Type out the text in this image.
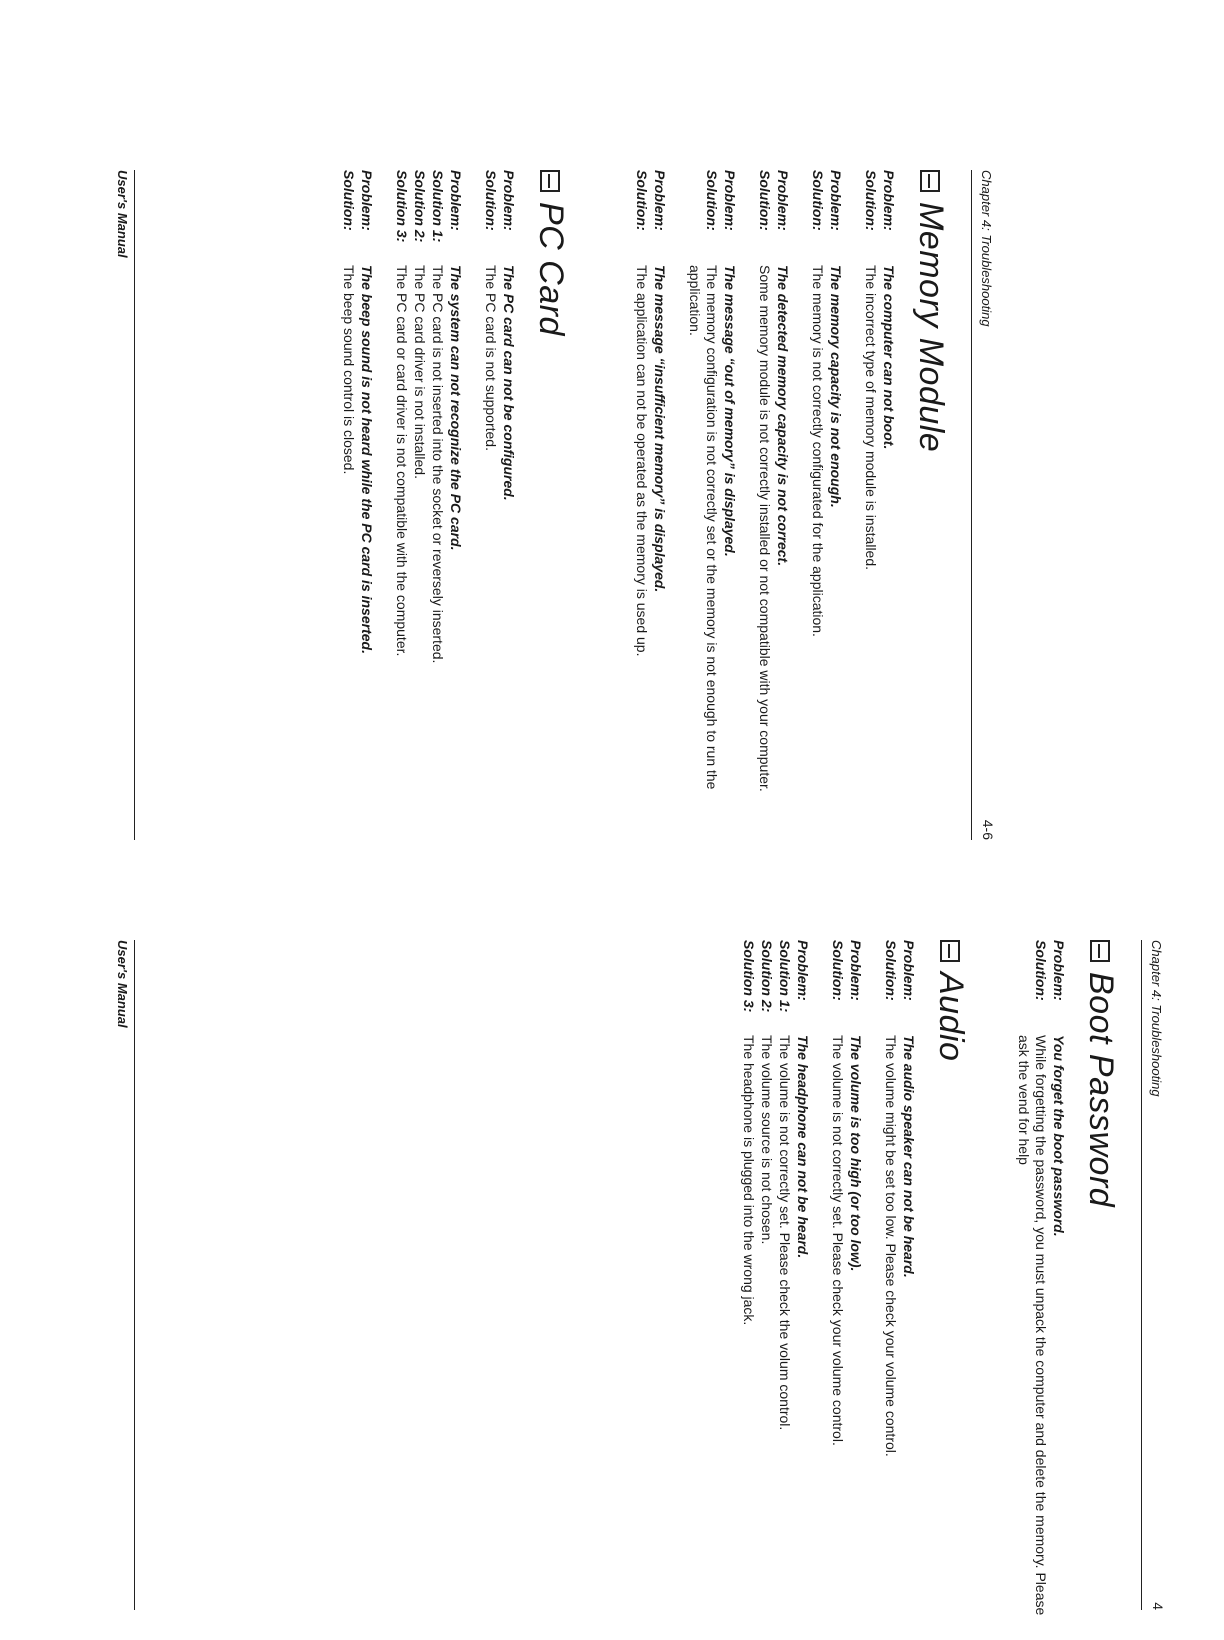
Chapter 4: Troubleshooting
4-6
Memory Module
Problem:
The computer can not boot.
Solution:
The incorrect type of memory module is installed.
Problem:
The memory capacity is not enough.
Solution:
The memory is not correctly configurated for the application.
Problem:
The detected memory capacity is not correct.
Solution:
Some memory module is not correctly installed or not compatible with your computer.
Problem:
The message “out of memory” is displayed.
Solution:
The memory configuration is not correctly set or the memory is not enough to run the application.
Problem:
The message “insufficient memory” is displayed.
Solution:
The application can not be operated as the memory is used up.
PC Card
Problem:
The PC card can not be configured.
Solution:
The PC card is not supported.
Problem:
The system can not recognize the PC card.
Solution 1:
The PC card is not inserted into the socket or reversely inserted.
Solution 2:
The PC card driver is not installed.
Solution 3:
The PC card or card driver is not compatible with the computer.
Problem:
The beep sound is not heard while the PC card is inserted.
Solution:
The beep sound control is closed.
User's Manual
Chapter 4: Troubleshooting
4
Boot Password
Problem:
You forget the boot password.
Solution:
While forgetting the password, you must unpack the computer and delete the memory. Please ask the vend for help
Audio
Problem:
The audio speaker can not be heard.
Solution:
The volume might be set too low. Please check your volume control.
Problem:
The volume is too high (or too low).
Solution:
The volume is not correctly set. Please check your volume control.
Problem:
The headphone can not be heard.
Solution 1:
The volume is not correctly set. Please check the volum control.
Solution 2:
The volume source is not chosen.
Solution 3:
The headphone is plugged into the wrong jack.
User's Manual
